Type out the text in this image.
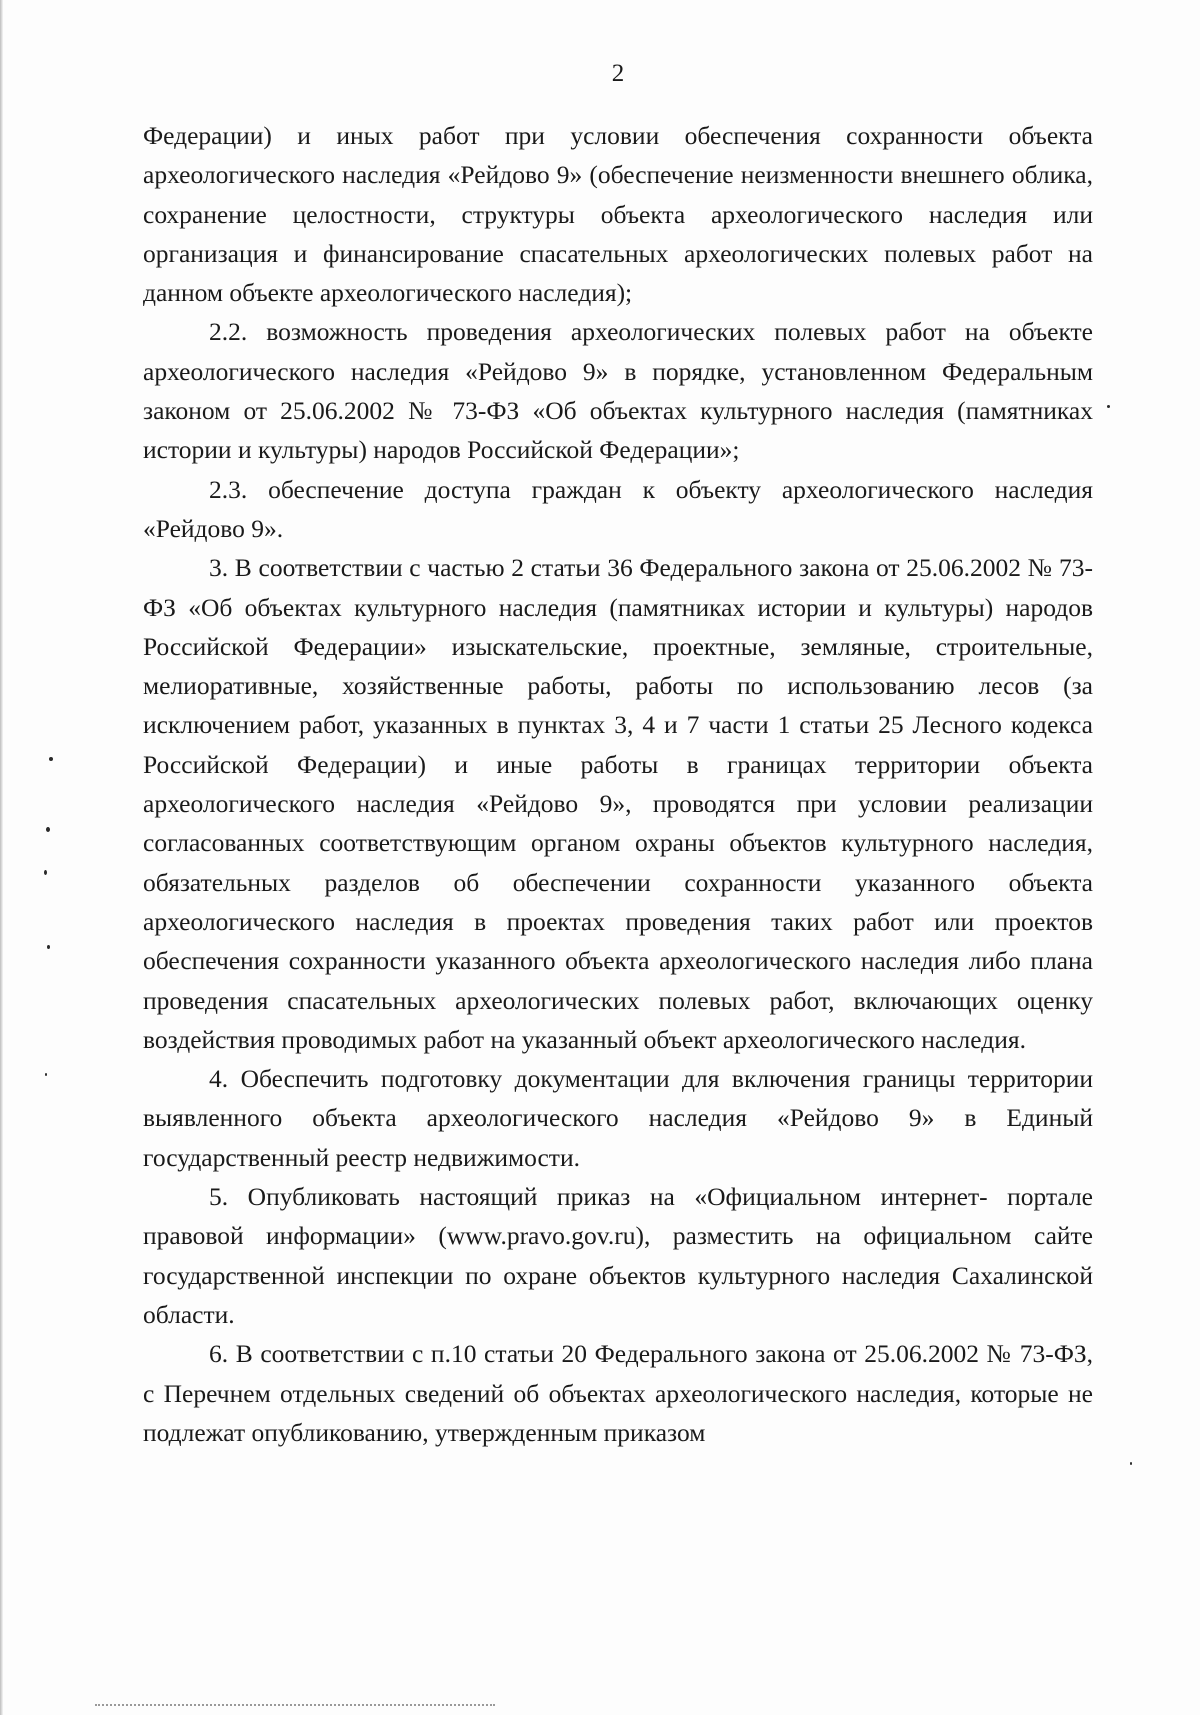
2

Федерации) и иных работ при условии обеспечения сохранности объекта археологического наследия «Рейдово 9» (обеспечение неизменности внешнего облика, сохранение целостности, структуры объекта археологического наследия или организация и финансирование спасательных археологических полевых работ на данном объекте археологического наследия);

2.2. возможность проведения археологических полевых работ на объекте археологического наследия «Рейдово 9» в порядке, установленном Федеральным законом от 25.06.2002 № 73-ФЗ «Об объектах культурного наследия (памятниках истории и культуры) народов Российской Федерации»;

2.3. обеспечение доступа граждан к объекту археологического наследия «Рейдово 9».

3. В соответствии с частью 2 статьи 36 Федерального закона от 25.06.2002 № 73-ФЗ «Об объектах культурного наследия (памятниках истории и культуры) народов Российской Федерации» изыскательские, проектные, земляные, строительные, мелиоративные, хозяйственные работы, работы по использованию лесов (за исключением работ, указанных в пунктах 3, 4 и 7 части 1 статьи 25 Лесного кодекса Российской Федерации) и иные работы в границах территории объекта археологического наследия «Рейдово 9», проводятся при условии реализации согласованных соответствующим органом охраны объектов культурного наследия, обязательных разделов об обеспечении сохранности указанного объекта археологического наследия в проектах проведения таких работ или проектов обеспечения сохранности указанного объекта археологического наследия либо плана проведения спасательных археологических полевых работ, включающих оценку воздействия проводимых работ на указанный объект археологического наследия.

4. Обеспечить подготовку документации для включения границы территории выявленного объекта археологического наследия «Рейдово 9» в Единый государственный реестр недвижимости.

5. Опубликовать настоящий приказ на «Официальном интернет- портале правовой информации» (www.pravo.gov.ru), разместить на официальном сайте государственной инспекции по охране объектов культурного наследия Сахалинской области.

6. В соответствии с п.10 статьи 20 Федерального закона от 25.06.2002 № 73-ФЗ, с Перечнем отдельных сведений об объектах археологического наследия, которые не подлежат опубликованию, утвержденным приказом
